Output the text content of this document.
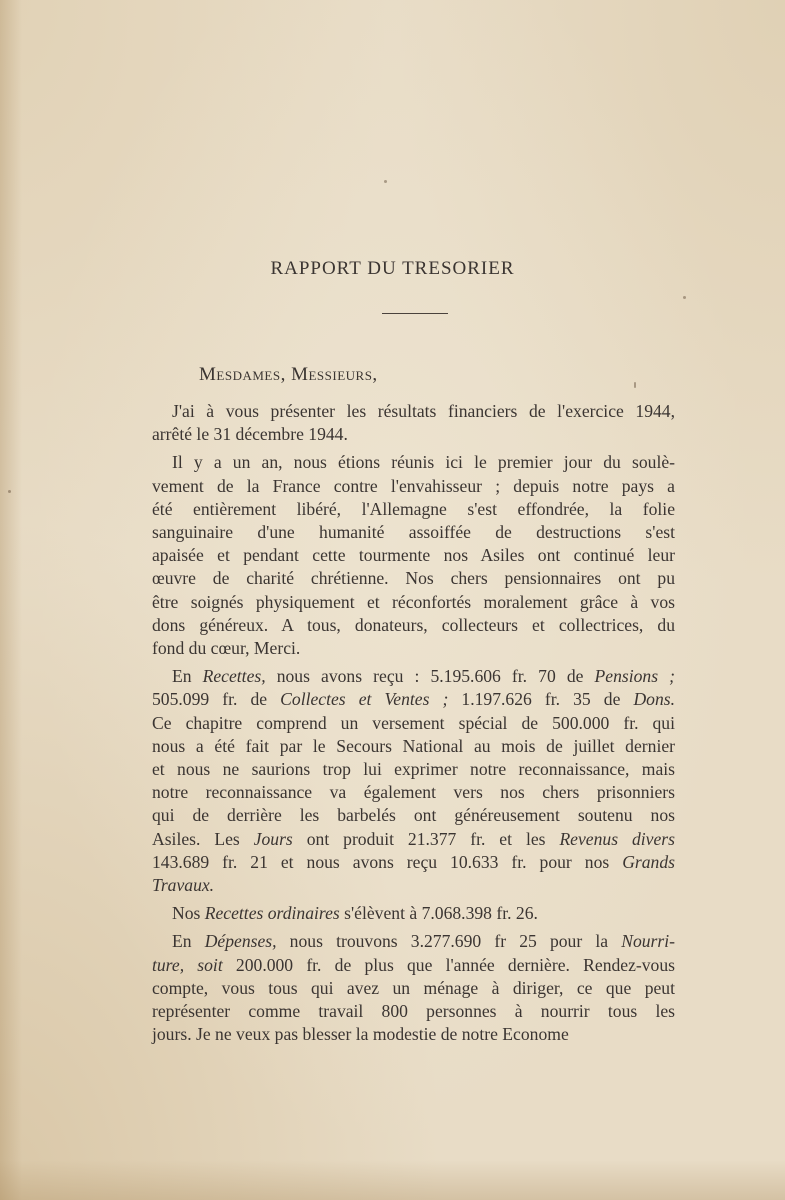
RAPPORT DU TRESORIER
Mesdames, Messieurs,
J'ai à vous présenter les résultats financiers de l'exercice 1944,
arrêté le 31 décembre 1944.
Il y a un an, nous étions réunis ici le premier jour du soulè-
vement de la France contre l'envahisseur ; depuis notre pays a
été entièrement libéré, l'Allemagne s'est effondrée, la folie
sanguinaire d'une humanité assoiffée de destructions s'est
apaisée et pendant cette tourmente nos Asiles ont continué leur
œuvre de charité chrétienne. Nos chers pensionnaires ont pu
être soignés physiquement et réconfortés moralement grâce à vos
dons généreux. A tous, donateurs, collecteurs et collectrices, du
fond du cœur, Merci.
En Recettes, nous avons reçu : 5.195.606 fr. 70 de Pensions ;
505.099 fr. de Collectes et Ventes ; 1.197.626 fr. 35 de Dons.
Ce chapitre comprend un versement spécial de 500.000 fr. qui
nous a été fait par le Secours National au mois de juillet dernier
et nous ne saurions trop lui exprimer notre reconnaissance, mais
notre reconnaissance va également vers nos chers prisonniers
qui de derrière les barbelés ont généreusement soutenu nos
Asiles. Les Jours ont produit 21.377 fr. et les Revenus divers
143.689 fr. 21 et nous avons reçu 10.633 fr. pour nos Grands
Travaux.
Nos Recettes ordinaires s'élèvent à 7.068.398 fr. 26.
En Dépenses, nous trouvons 3.277.690 fr 25 pour la Nourri-
ture, soit 200.000 fr. de plus que l'année dernière. Rendez-vous
compte, vous tous qui avez un ménage à diriger, ce que peut
représenter comme travail 800 personnes à nourrir tous les
jours. Je ne veux pas blesser la modestie de notre Econome
